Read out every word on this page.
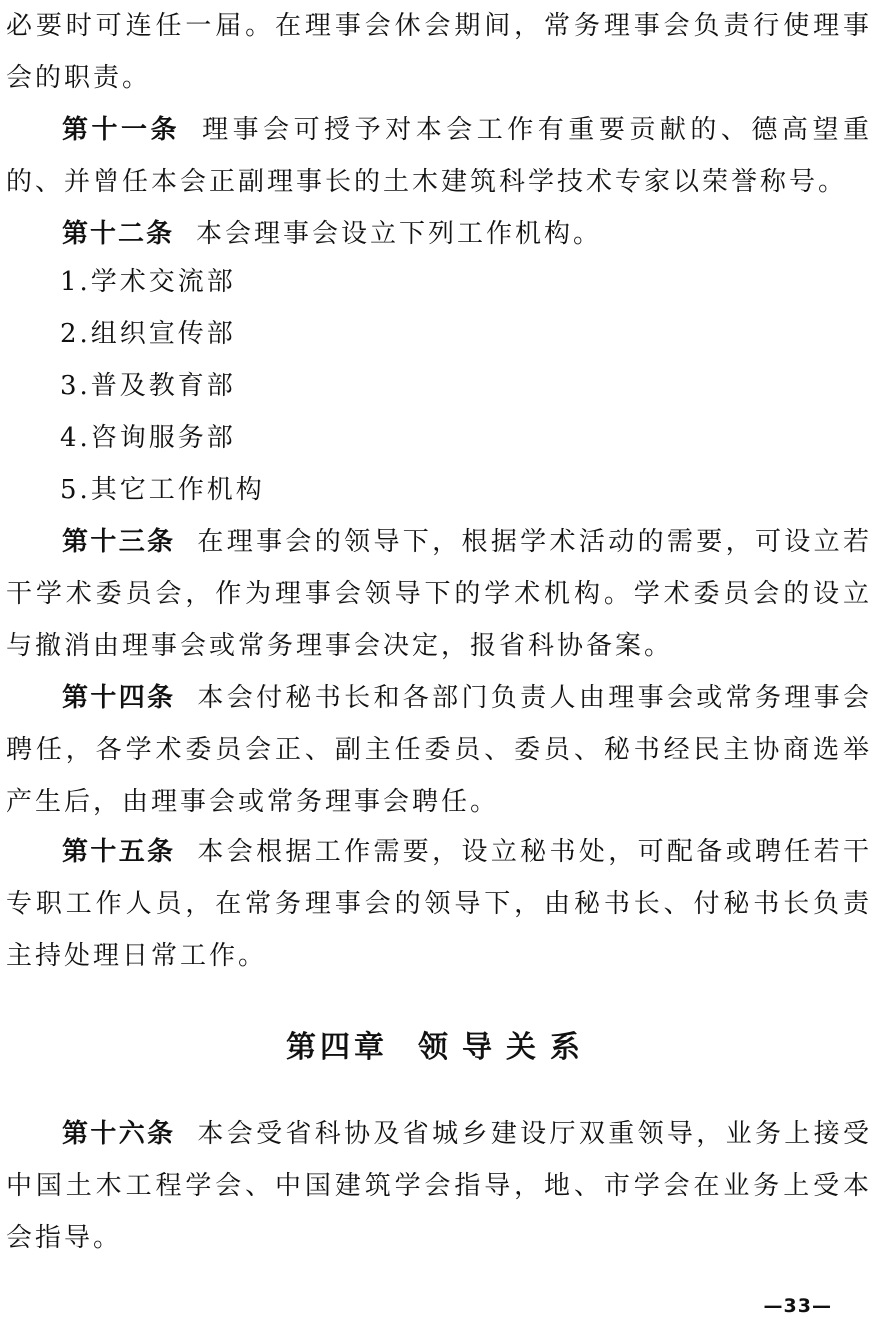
必要时可连任一届。在理事会休会期间，常务理事会负责行使理事会的职责。

第十一条 理事会可授予对本会工作有重要贡献的、德高望重的、并曾任本会正副理事长的土木建筑科学技术专家以荣誉称号。

第十二条 本会理事会设立下列工作机构。

1.学术交流部

2.组织宣传部

3.普及教育部

4.咨询服务部

5.其它工作机构

第十三条 在理事会的领导下，根据学术活动的需要，可设立若干学术委员会，作为理事会领导下的学术机构。学术委员会的设立与撤消由理事会或常务理事会决定，报省科协备案。

第十四条 本会付秘书长和各部门负责人由理事会或常务理事会聘任，各学术委员会正、副主任委员、委员、秘书经民主协商选举产生后，由理事会或常务理事会聘任。

第十五条 本会根据工作需要，设立秘书处，可配备或聘任若干专职工作人员，在常务理事会的领导下，由秘书长、付秘书长负责主持处理日常工作。

第四章 领导关系

第十六条 本会受省科协及省城乡建设厅双重领导，业务上接受中国土木工程学会、中国建筑学会指导，地、市学会在业务上受本会指导。

—33—
